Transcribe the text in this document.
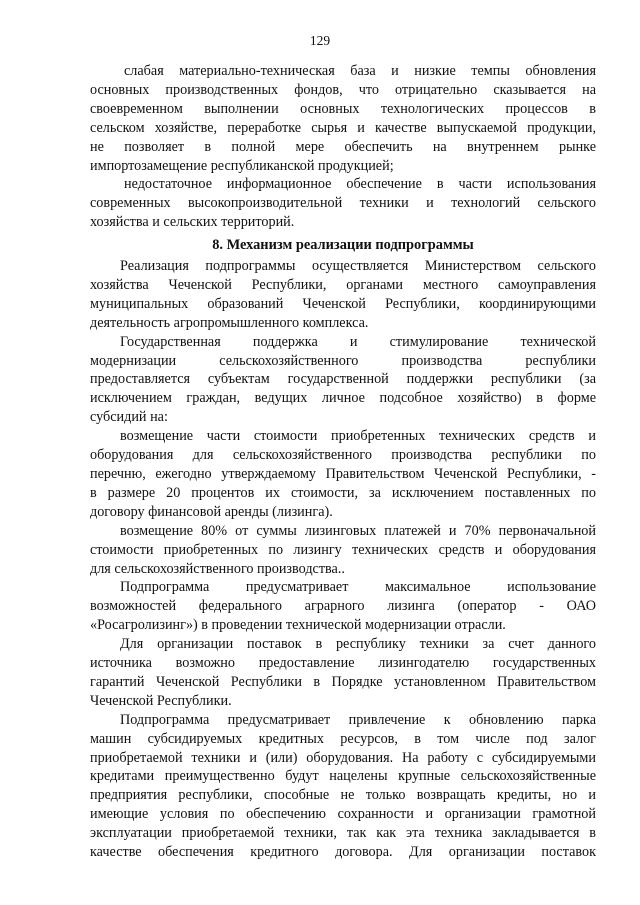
129

слабая материально-техническая база и низкие темпы обновления

основных производственных фондов, что отрицательно сказывается на

своевременном выполнении основных технологических процессов в

сельском хозяйстве, переработке сырья и качестве выпускаемой продукции,

не позволяет в полной мере обеспечить на внутреннем рынке

импортозамещение республиканской продукцией;

недостаточное информационное обеспечение в части использования

современных высокопроизводительной техники и технологий сельского

хозяйства и сельских территорий.

8. Механизм реализации подпрограммы

Реализация подпрограммы осуществляется Министерством сельского

хозяйства Чеченской Республики, органами местного самоуправления

муниципальных образований Чеченской Республики, координирующими

деятельность агропромышленного комплекса.

Государственная поддержка и стимулирование технической

модернизации сельскохозяйственного производства республики

предоставляется субъектам государственной поддержки республики (за

исключением граждан, ведущих личное подсобное хозяйство) в форме

субсидий на:

возмещение части стоимости приобретенных технических средств и

оборудования для сельскохозяйственного производства республики по

перечню, ежегодно утверждаемому Правительством Чеченской Республики, -

в размере 20 процентов их стоимости, за исключением поставленных по

договору финансовой аренды (лизинга).

возмещение 80% от суммы лизинговых платежей и 70% первоначальной

стоимости приобретенных по лизингу технических средств и оборудования

для сельскохозяйственного производства..

Подпрограмма предусматривает максимальное использование

возможностей федерального аграрного лизинга (оператор - ОАО

«Росагролизинг») в проведении технической модернизации отрасли.

Для организации поставок в республику техники за счет данного

источника возможно предоставление лизингодателю государственных

гарантий Чеченской Республики в Порядке установленном Правительством

Чеченской Республики.

Подпрограмма предусматривает привлечение к обновлению парка

машин субсидируемых кредитных ресурсов, в том числе под залог

приобретаемой техники и (или) оборудования. На работу с субсидируемыми

кредитами преимущественно будут нацелены крупные сельскохозяйственные

предприятия республики, способные не только возвращать кредиты, но и

имеющие условия по обеспечению сохранности и организации грамотной

эксплуатации приобретаемой техники, так как эта техника закладывается в

качестве обеспечения кредитного договора. Для организации поставок
